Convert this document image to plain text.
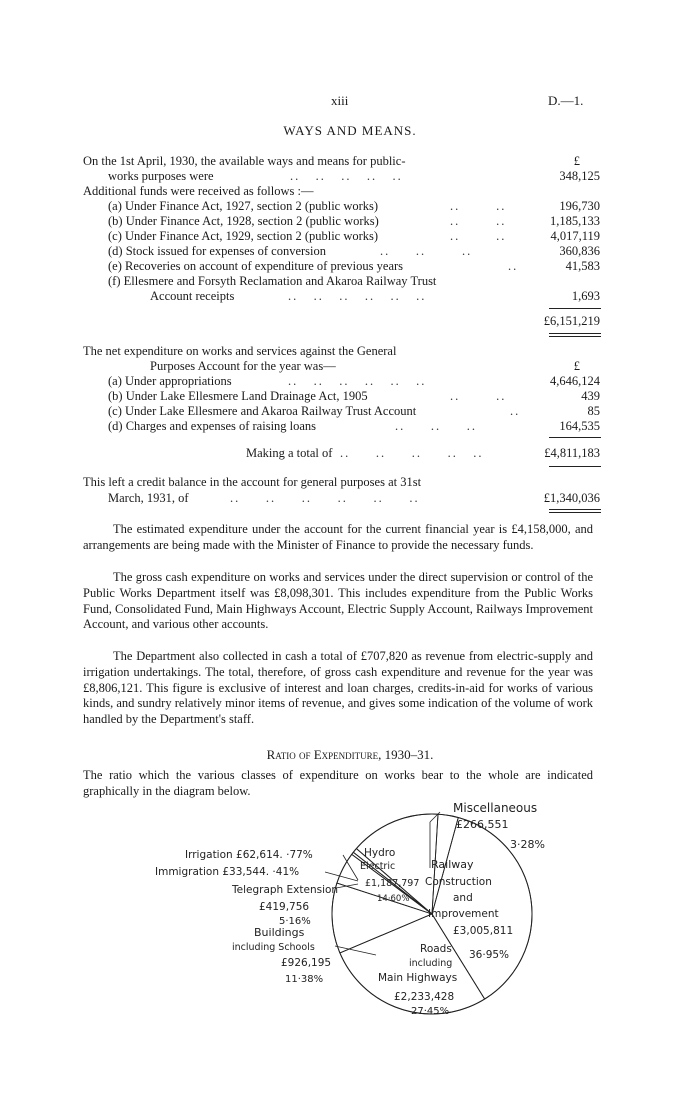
xiii	D.—1.
WAYS AND MEANS.
On the 1st April, 1930, the available ways and means for public-	£
works purposes were	..   ..   ..   ..   ..	348,125
Additional funds were received as follows :—
(a) Under Finance Act, 1927, section 2 (public works)	..       ..	196,730
(b) Under Finance Act, 1928, section 2 (public works)	..       ..	1,185,133
(c) Under Finance Act, 1929, section 2 (public works)	..       ..	4,017,119
(d) Stock issued for expenses of conversion	..     ..       ..	360,836
(e) Recoveries on account of expenditure of previous years	..	41,583
(f) Ellesmere and Forsyth Reclamation and Akaroa Railway Trust
Account receipts	..   ..   ..   ..   ..   ..	1,693
£6,151,219
The net expenditure on works and services against the General
Purposes Account for the year was—	£
(a) Under appropriations	..   ..   ..   ..   ..   ..	4,646,124
(b) Under Lake Ellesmere Land Drainage Act, 1905	..       ..	439
(c) Under Lake Ellesmere and Akaroa Railway Trust Account	..	85
(d) Charges and expenses of raising loans	..     ..     ..	164,535
Making a total of ..     ..     ..     ..   ..	£4,811,183
This left a credit balance in the account for general purposes at 31st
March, 1931, of	..     ..     ..     ..     ..     ..	£1,340,036
The estimated expenditure under the account for the current financial year is £4,158,000, and arrangements are being made with the Minister of Finance to provide the necessary funds.
The gross cash expenditure on works and services under the direct supervision or control of the Public Works Department itself was £8,098,301. This includes expenditure from the Public Works Fund, Consolidated Fund, Main Highways Account, Electric Supply Account, Railways Improvement Account, and various other accounts.
The Department also collected in cash a total of £707,820 as revenue from electric-supply and irrigation undertakings. The total, therefore, of gross cash expenditure and revenue for the year was £8,806,121. This figure is exclusive of interest and loan charges, credits-in-aid for works of various kinds, and sundry relatively minor items of revenue, and gives some indication of the volume of work handled by the Department's staff.
Ratio of Expenditure, 1930–31.
The ratio which the various classes of expenditure on works bear to the whole are indicated graphically in the diagram below.
Miscellaneous
£266,551
3·28%
Railway
Construction
and
Improvement
£3,005,811
36·95%
Roads
including
Main Highways
£2,233,428
27·45%
Buildings
including Schools
£926,195
11·38%
Telegraph Extension
£419,756
5·16%
Irrigation £62,614. ·77%
Immigration £33,544. ·41%
Hydro
Electric
£1,187,797
14·60%
